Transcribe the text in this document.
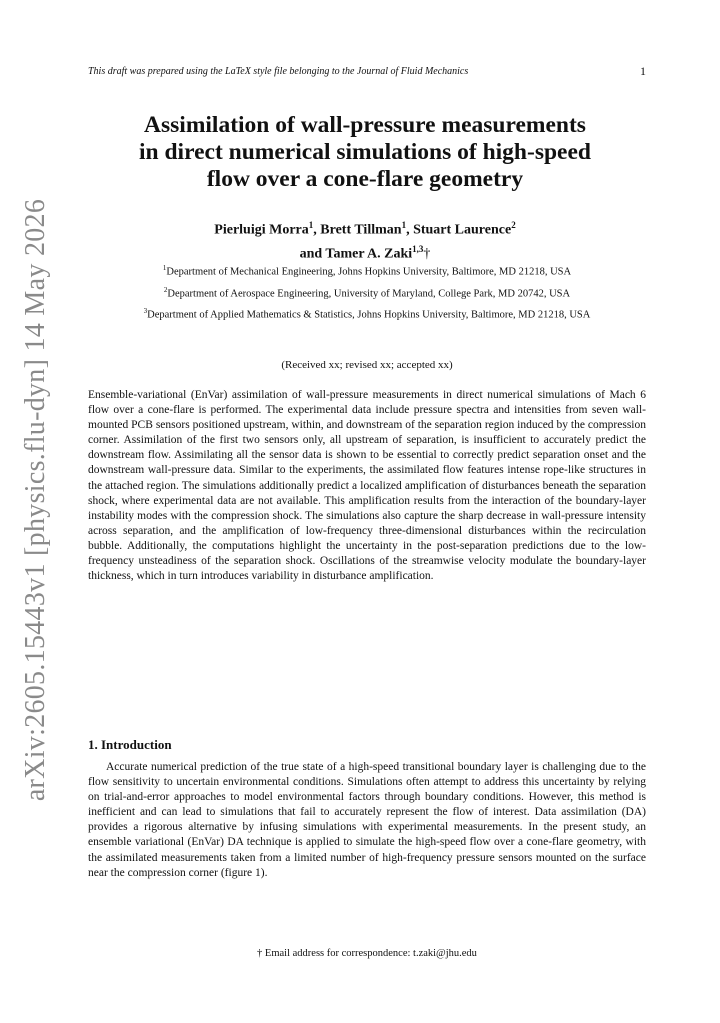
arXiv:2605.15443v1 [physics.flu-dyn] 14 May 2026
This draft was prepared using the LaTeX style file belonging to the Journal of Fluid Mechanics	1
Assimilation of wall-pressure measurements
in direct numerical simulations of high-speed
flow over a cone-flare geometry
Pierluigi Morra$^1$, Brett Tillman$^1$, Stuart Laurence$^2$
and Tamer A. Zaki$^{1,3}$†

$^1$Department of Mechanical Engineering, Johns Hopkins University, Baltimore, MD 21218, USA

$^2$Department of Aerospace Engineering, University of Maryland, College Park, MD 20742, USA

$^3$Department of Applied Mathematics & Statistics, Johns Hopkins University, Baltimore, MD 21218, USA

(Received xx; revised xx; accepted xx)
Ensemble-variational (EnVar) assimilation of wall-pressure measurements in direct numerical simulations of Mach 6 flow over a cone-flare is performed. The experimental data include pressure spectra and intensities from seven wall-mounted PCB sensors positioned upstream, within, and downstream of the separation region induced by the compression corner. Assimilation of the first two sensors only, all upstream of separation, is insufficient to accurately predict the downstream flow. Assimilating all the sensor data is shown to be essential to correctly predict separation onset and the downstream wall-pressure data. Similar to the experiments, the assimilated flow features intense rope-like structures in the attached region. The simulations additionally predict a localized amplification of disturbances beneath the separation shock, where experimental data are not available. This amplification results from the interaction of the boundary-layer instability modes with the compression shock. The simulations also capture the sharp decrease in wall-pressure intensity across separation, and the amplification of low-frequency three-dimensional disturbances within the recirculation bubble. Additionally, the computations highlight the uncertainty in the post-separation predictions due to the low-frequency unsteadiness of the separation shock. Oscillations of the streamwise velocity modulate the boundary-layer thickness, which in turn introduces variability in disturbance amplification.
1. Introduction

Accurate numerical prediction of the true state of a high-speed transitional boundary layer is challenging due to the flow sensitivity to uncertain environmental conditions. Simulations often attempt to address this uncertainty by relying on trial-and-error approaches to model environmental factors through boundary conditions. However, this method is inefficient and can lead to simulations that fail to accurately represent the flow of interest. Data assimilation (DA) provides a rigorous alternative by infusing simulations with experimental measurements. In the present study, an ensemble variational (EnVar) DA technique is applied to simulate the high-speed flow over a cone-flare geometry, with the assimilated measurements taken from a limited number of high-frequency pressure sensors mounted on the surface near the compression corner (figure 1).

† Email address for correspondence: t.zaki@jhu.edu
